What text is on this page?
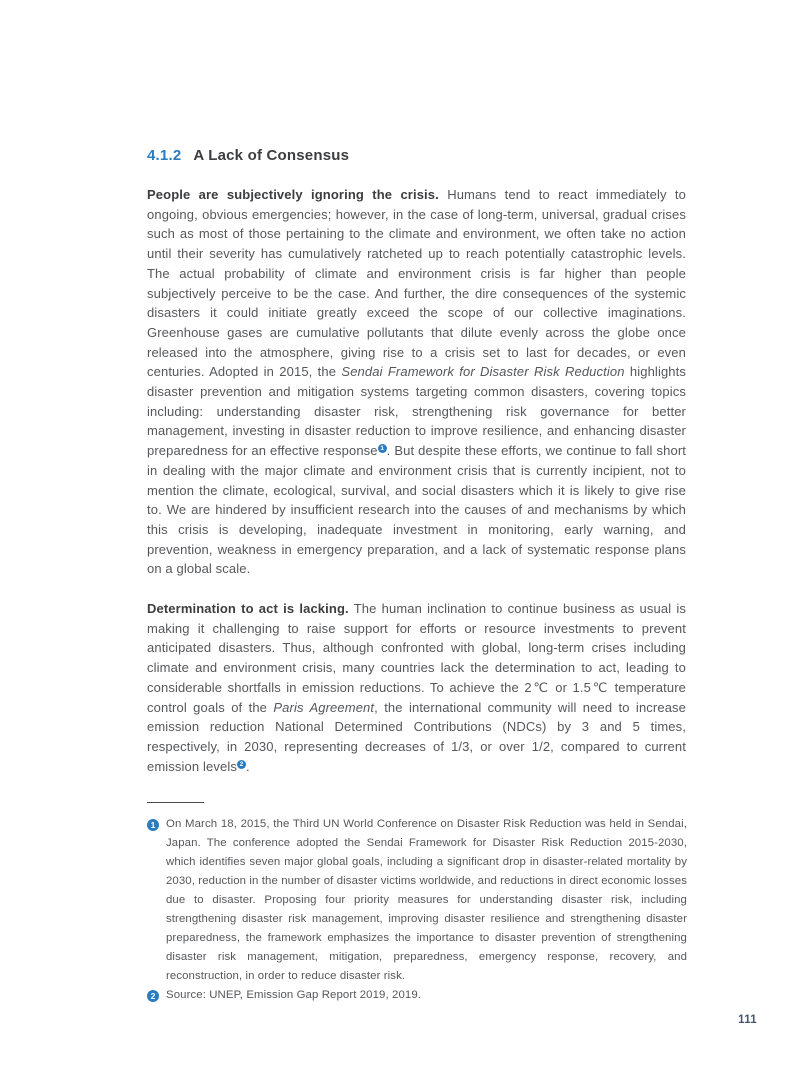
4.1.2 A Lack of Consensus

People are subjectively ignoring the crisis. Humans tend to react immediately to ongoing, obvious emergencies; however, in the case of long-term, universal, gradual crises such as most of those pertaining to the climate and environment, we often take no action until their severity has cumulatively ratcheted up to reach potentially catastrophic levels. The actual probability of climate and environment crisis is far higher than people subjectively perceive to be the case. And further, the dire consequences of the systemic disasters it could initiate greatly exceed the scope of our collective imaginations. Greenhouse gases are cumulative pollutants that dilute evenly across the globe once released into the atmosphere, giving rise to a crisis set to last for decades, or even centuries. Adopted in 2015, the Sendai Framework for Disaster Risk Reduction highlights disaster prevention and mitigation systems targeting common disasters, covering topics including: understanding disaster risk, strengthening risk governance for better management, investing in disaster reduction to improve resilience, and enhancing disaster preparedness for an effective response $^1$ . But despite these efforts, we continue to fall short in dealing with the major climate and environment crisis that is currently incipient, not to mention the climate, ecological, survival, and social disasters which it is likely to give rise to. We are hindered by insufficient research into the causes of and mechanisms by which this crisis is developing, inadequate investment in monitoring, early warning, and prevention, weakness in emergency preparation, and a lack of systematic response plans on a global scale.

Determination to act is lacking. The human inclination to continue business as usual is making it challenging to raise support for efforts or resource investments to prevent anticipated disasters. Thus, although confronted with global, long-term crises including climate and environment crisis, many countries lack the determination to act, leading to considerable shortfalls in emission reductions. To achieve the 2℃ or 1.5℃ temperature control goals of the Paris Agreement, the international community will need to increase emission reduction National Determined Contributions (NDCs) by 3 and 5 times, respectively, in 2030, representing decreases of 1/3, or over 1/2, compared to current emission levels $^2$ .

1 On March 18, 2015, the Third UN World Conference on Disaster Risk Reduction was held in Sendai, Japan. The conference adopted the Sendai Framework for Disaster Risk Reduction 2015-2030, which identifies seven major global goals, including a significant drop in disaster-related mortality by 2030, reduction in the number of disaster victims worldwide, and reductions in direct economic losses due to disaster. Proposing four priority measures for understanding disaster risk, including strengthening disaster risk management, improving disaster resilience and strengthening disaster preparedness, the framework emphasizes the importance to disaster prevention of strengthening disaster risk management, mitigation, preparedness, emergency response, recovery, and reconstruction, in order to reduce disaster risk.
2 Source: UNEP, Emission Gap Report 2019, 2019.
111
